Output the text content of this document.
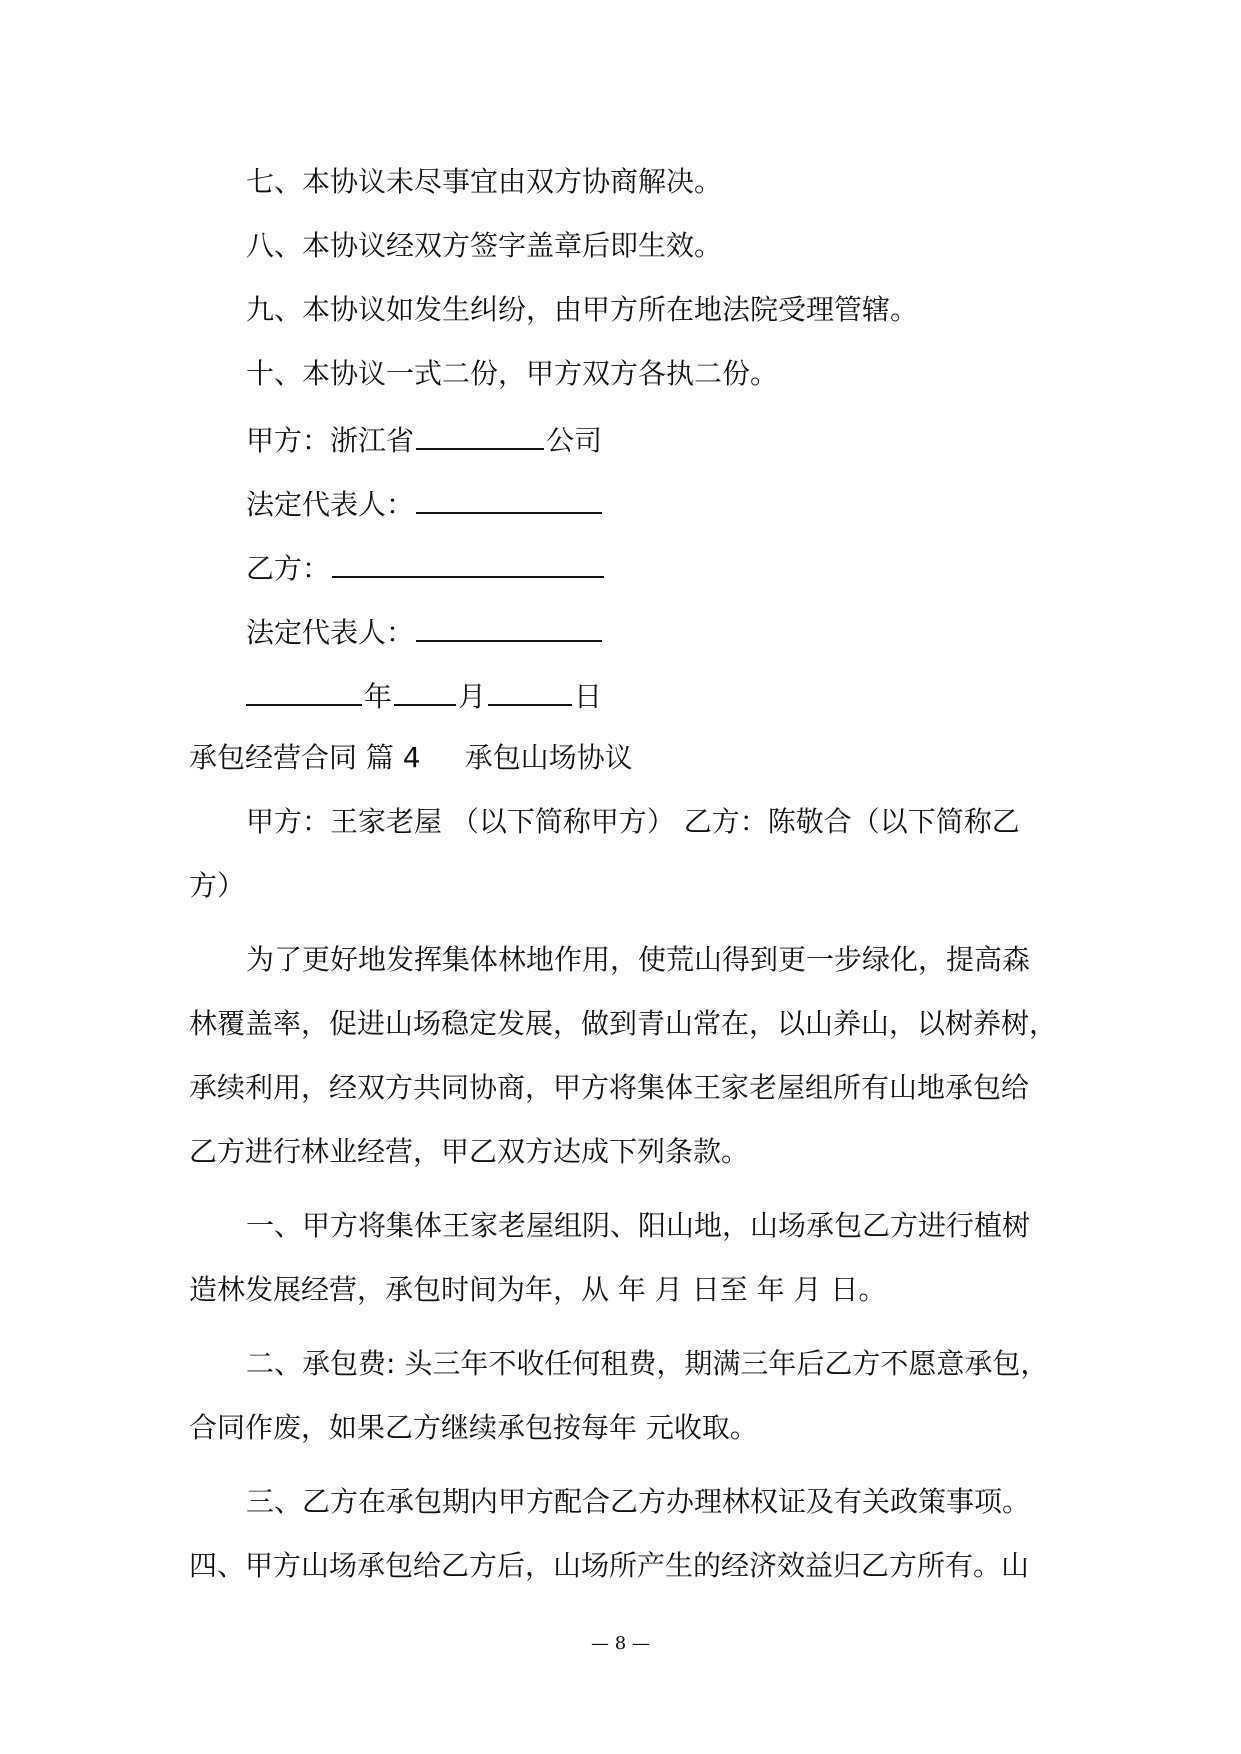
七、本协议未尽事宜由双方协商解决。
八、本协议经双方签字盖章后即生效。
九、本协议如发生纠纷，由甲方所在地法院受理管辖。
十、本协议一式二份，甲方双方各执二份。
甲方：浙江省	公司
法定代表人：
乙方：
法定代表人：
年 月	日
承包经营合同 篇 4 承包山场协议
甲方：王家老屋 （以下简称甲方） 乙方：陈敬合（以下简称乙
方）
为了更好地发挥集体林地作用，使荒山得到更一步绿化，提高森
林覆盖率，促进山场稳定发展，做到青山常在，以山养山，以树养树，
承续利用，经双方共同协商，甲方将集体王家老屋组所有山地承包给
乙方进行林业经营，甲乙双方达成下列条款。
一、甲方将集体王家老屋组阴、阳山地，山场承包乙方进行植树
造林发展经营，承包时间为年，从 年 月 日至 年 月 日。
二、承包费: 头三年不收任何租费，期满三年后乙方不愿意承包，
合同作废，如果乙方继续承包按每年 元收取。
三、乙方在承包期内甲方配合乙方办理林权证及有关政策事项。
四、甲方山场承包给乙方后，山场所产生的经济效益归乙方所有。山
— 8 —
